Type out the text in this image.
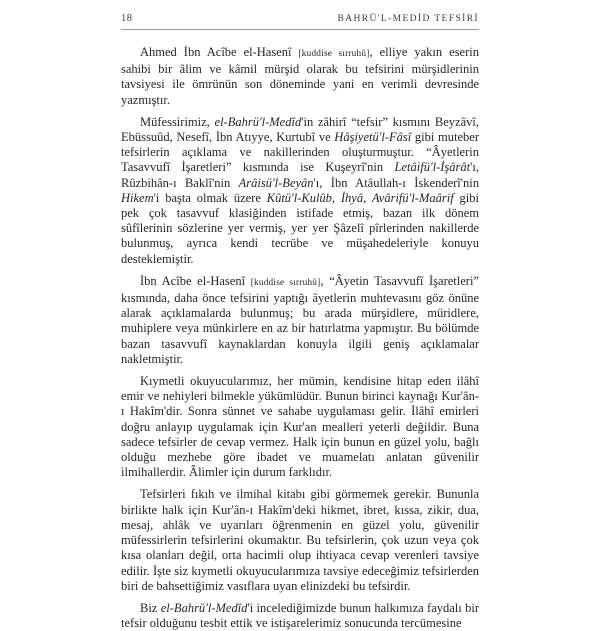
18	BAHRÜ'L-MEDİD TEFSİRİ

Ahmed İbn Acîbe el-Hasenî [kuddise sırruhû], elliye yakın eserin sahibi bir âlim ve kâmil mürşid olarak bu tefsirini mürşidlerinin tavsiyesi ile ömrünün son döneminde yani en verimli devresinde yazmıştır.

Müfessirimiz, el-Bahrü'l-Medîd'in zâhirî “tefsir” kısmını Beyzâvî, Ebüssuûd, Nesefî, İbn Atıyye, Kurtubî ve Hâşiyetü'l-Fâsî gibi muteber tefsirlerin açıklama ve nakillerinden oluşturmuştur. “Âyetlerin Tasavvufî İşaretleri” kısmında ise Kuşeyrî'nin Letâifü'l-İşârât'ı, Rûzbihân-ı Baklî'nin Arâisü'l-Beyân'ı, İbn Atâullah-ı İskenderî'nin Hikem'i başta olmak üzere Kûtü'l-Kulûb, İhyâ, Avârifü'l-Maârif gibi pek çok tasavvuf klasiğinden istifade etmiş, bazan ilk dönem sûfîlerinin sözlerine yer vermiş, yer yer Şâzelî pîrlerinden nakillerde bulunmuş, ayrıca kendi tecrübe ve müşahedeleriyle konuyu desteklemiştir.

İbn Acîbe el-Hasenî [kuddise sırruhû], “Âyetin Tasavvufî İşaretleri” kısmında, daha önce tefsirini yaptığı âyetlerin muhtevasını göz önüne alarak açıklamalarda bulunmuş; bu arada mürşidlere, müridlere, muhiplere veya münkirlere en az bir hatırlatma yapmıştır. Bu bölümde bazan tasavvufî kaynaklardan konuyla ilgili geniş açıklamalar nakletmiştir.

Kıymetli okuyucularımız, her mümin, kendisine hitap eden ilâhî emir ve nehiyleri bilmekle yükümlüdür. Bunun birinci kaynağı Kur'ân-ı Hakîm'dir. Sonra sünnet ve sahabe uygulaması gelir. İlâhî emirleri doğru anlayıp uygulamak için Kur'an mealleri yeterli değildir. Buna sadece tefsirler de cevap vermez. Halk için bunun en güzel yolu, bağlı olduğu mezhebe göre ibadet ve muamelatı anlatan güvenilir ilmihallerdir. Âlimler için durum farklıdır.

Tefsirleri fıkıh ve ilmihal kitabı gibi görmemek gerekir. Bununla birlikte halk için Kur'ân-ı Hakîm'deki hikmet, ibret, kıssa, zikir, dua, mesaj, ahlâk ve uyarıları öğrenmenin en güzel yolu, güvenilir müfessirlerin tefsirlerini okumaktır. Bu tefsirlerin, çok uzun veya çok kısa olanları değil, orta hacimli olup ihtiyaca cevap verenleri tavsiye edilir. İşte siz kıymetli okuyucularımıza tavsiye edeceğimiz tefsirlerden biri de bahsettiğimiz vasıflara uyan elinizdeki bu tefsirdir.

Biz el-Bahrü'l-Medîd'i incelediğimizde bunun halkımıza faydalı bir tefsir olduğunu tesbit ettik ve istişarelerimiz sonucunda tercümesine
